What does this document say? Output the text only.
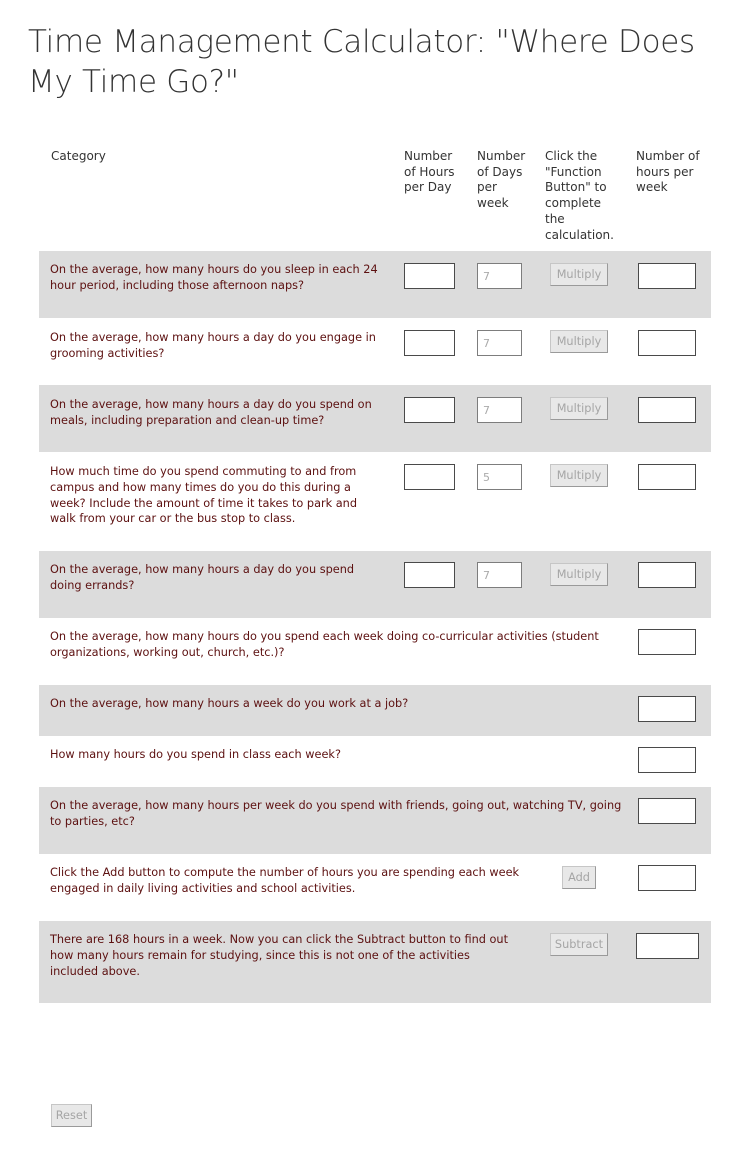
Time Management Calculator: "Where Does My Time Go?"
Category	Number of Hours per Day
Number of Days per week
Click the "Function Button" to complete the calculation.
Number of hours per week
On the average, how many hours do you sleep in each 24 hour period, including those afternoon naps?
7
Multiply
On the average, how many hours a day do you engage in grooming activities?
7
Multiply
On the average, how many hours a day do you spend on meals, including preparation and clean-up time?
7
Multiply
How much time do you spend commuting to and from campus and how many times do you do this during a week? Include the amount of time it takes to park and walk from your car or the bus stop to class.
5
Multiply
On the average, how many hours a day do you spend doing errands?
7
Multiply
On the average, how many hours do you spend each week doing co-curricular activities (student organizations, working out, church, etc.)?
On the average, how many hours a week do you work at a job?
How many hours do you spend in class each week?
On the average, how many hours per week do you spend with friends, going out, watching TV, going to parties, etc?
Click the Add button to compute the number of hours you are spending each week engaged in daily living activities and school activities.
Add
There are 168 hours in a week. Now you can click the Subtract button to find out how many hours remain for studying, since this is not one of the activities included above.
Subtract
Reset
